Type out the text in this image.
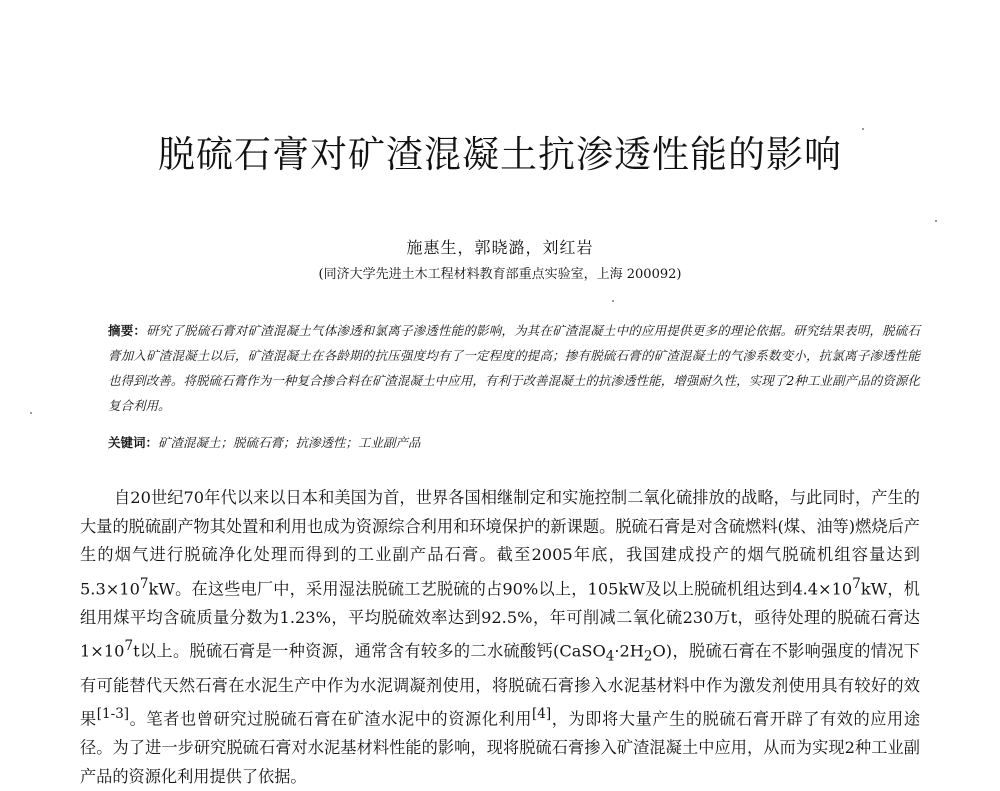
脱硫石膏对矿渣混凝土抗渗透性能的影响

施惠生，郭晓潞，刘红岩

(同济大学先进土木工程材料教育部重点实验室，上海 200092)

摘要：研究了脱硫石膏对矿渣混凝土气体渗透和氯离子渗透性能的影响，为其在矿渣混凝土中的应用提供更多的理论依据。研究结果表明，脱硫石膏加入矿渣混凝土以后，矿渣混凝土在各龄期的抗压强度均有了一定程度的提高；掺有脱硫石膏的矿渣混凝土的气渗系数变小，抗氯离子渗透性能也得到改善。将脱硫石膏作为一种复合掺合料在矿渣混凝土中应用，有利于改善混凝土的抗渗透性能，增强耐久性，实现了2种工业副产品的资源化复合利用。

关键词：矿渣混凝土；脱硫石膏；抗渗透性；工业副产品

自20世纪70年代以来以日本和美国为首，世界各国相继制定和实施控制二氧化硫排放的战略，与此同时，产生的大量的脱硫副产物其处置和利用也成为资源综合利用和环境保护的新课题。脱硫石膏是对含硫燃料(煤、油等)燃烧后产生的烟气进行脱硫净化处理而得到的工业副产品石膏。截至2005年底，我国建成投产的烟气脱硫机组容量达到$5.3\times 10^7kW$。在这些电厂中，采用湿法脱硫工艺脱硫的占90%以上，105kW及以上脱硫机组达到$4.4\times 10^7kW$，机组用煤平均含硫质量分数为1.23%，平均脱硫效率达到92.5%，年可削减二氧化硫230万t，亟待处理的脱硫石膏达$1\times 10^7t$以上。脱硫石膏是一种资源，通常含有较多的二水硫酸钙$(CaSO_4\cdot 2H_2O)$，脱硫石膏在不影响强度的情况下有可能替代天然石膏在水泥生产中作为水泥调凝剂使用，将脱硫石膏掺入水泥基材料中作为激发剂使用具有较好的效果[1-3]。笔者也曾研究过脱硫石膏在矿渣水泥中的资源化利用[4]，为即将大量产生的脱硫石膏开辟了有效的应用途径。为了进一步研究脱硫石膏对水泥基材料性能的影响，现将脱硫石膏掺入矿渣混凝土中应用，从而为实现2种工业副产品的资源化利用提供了依据。
